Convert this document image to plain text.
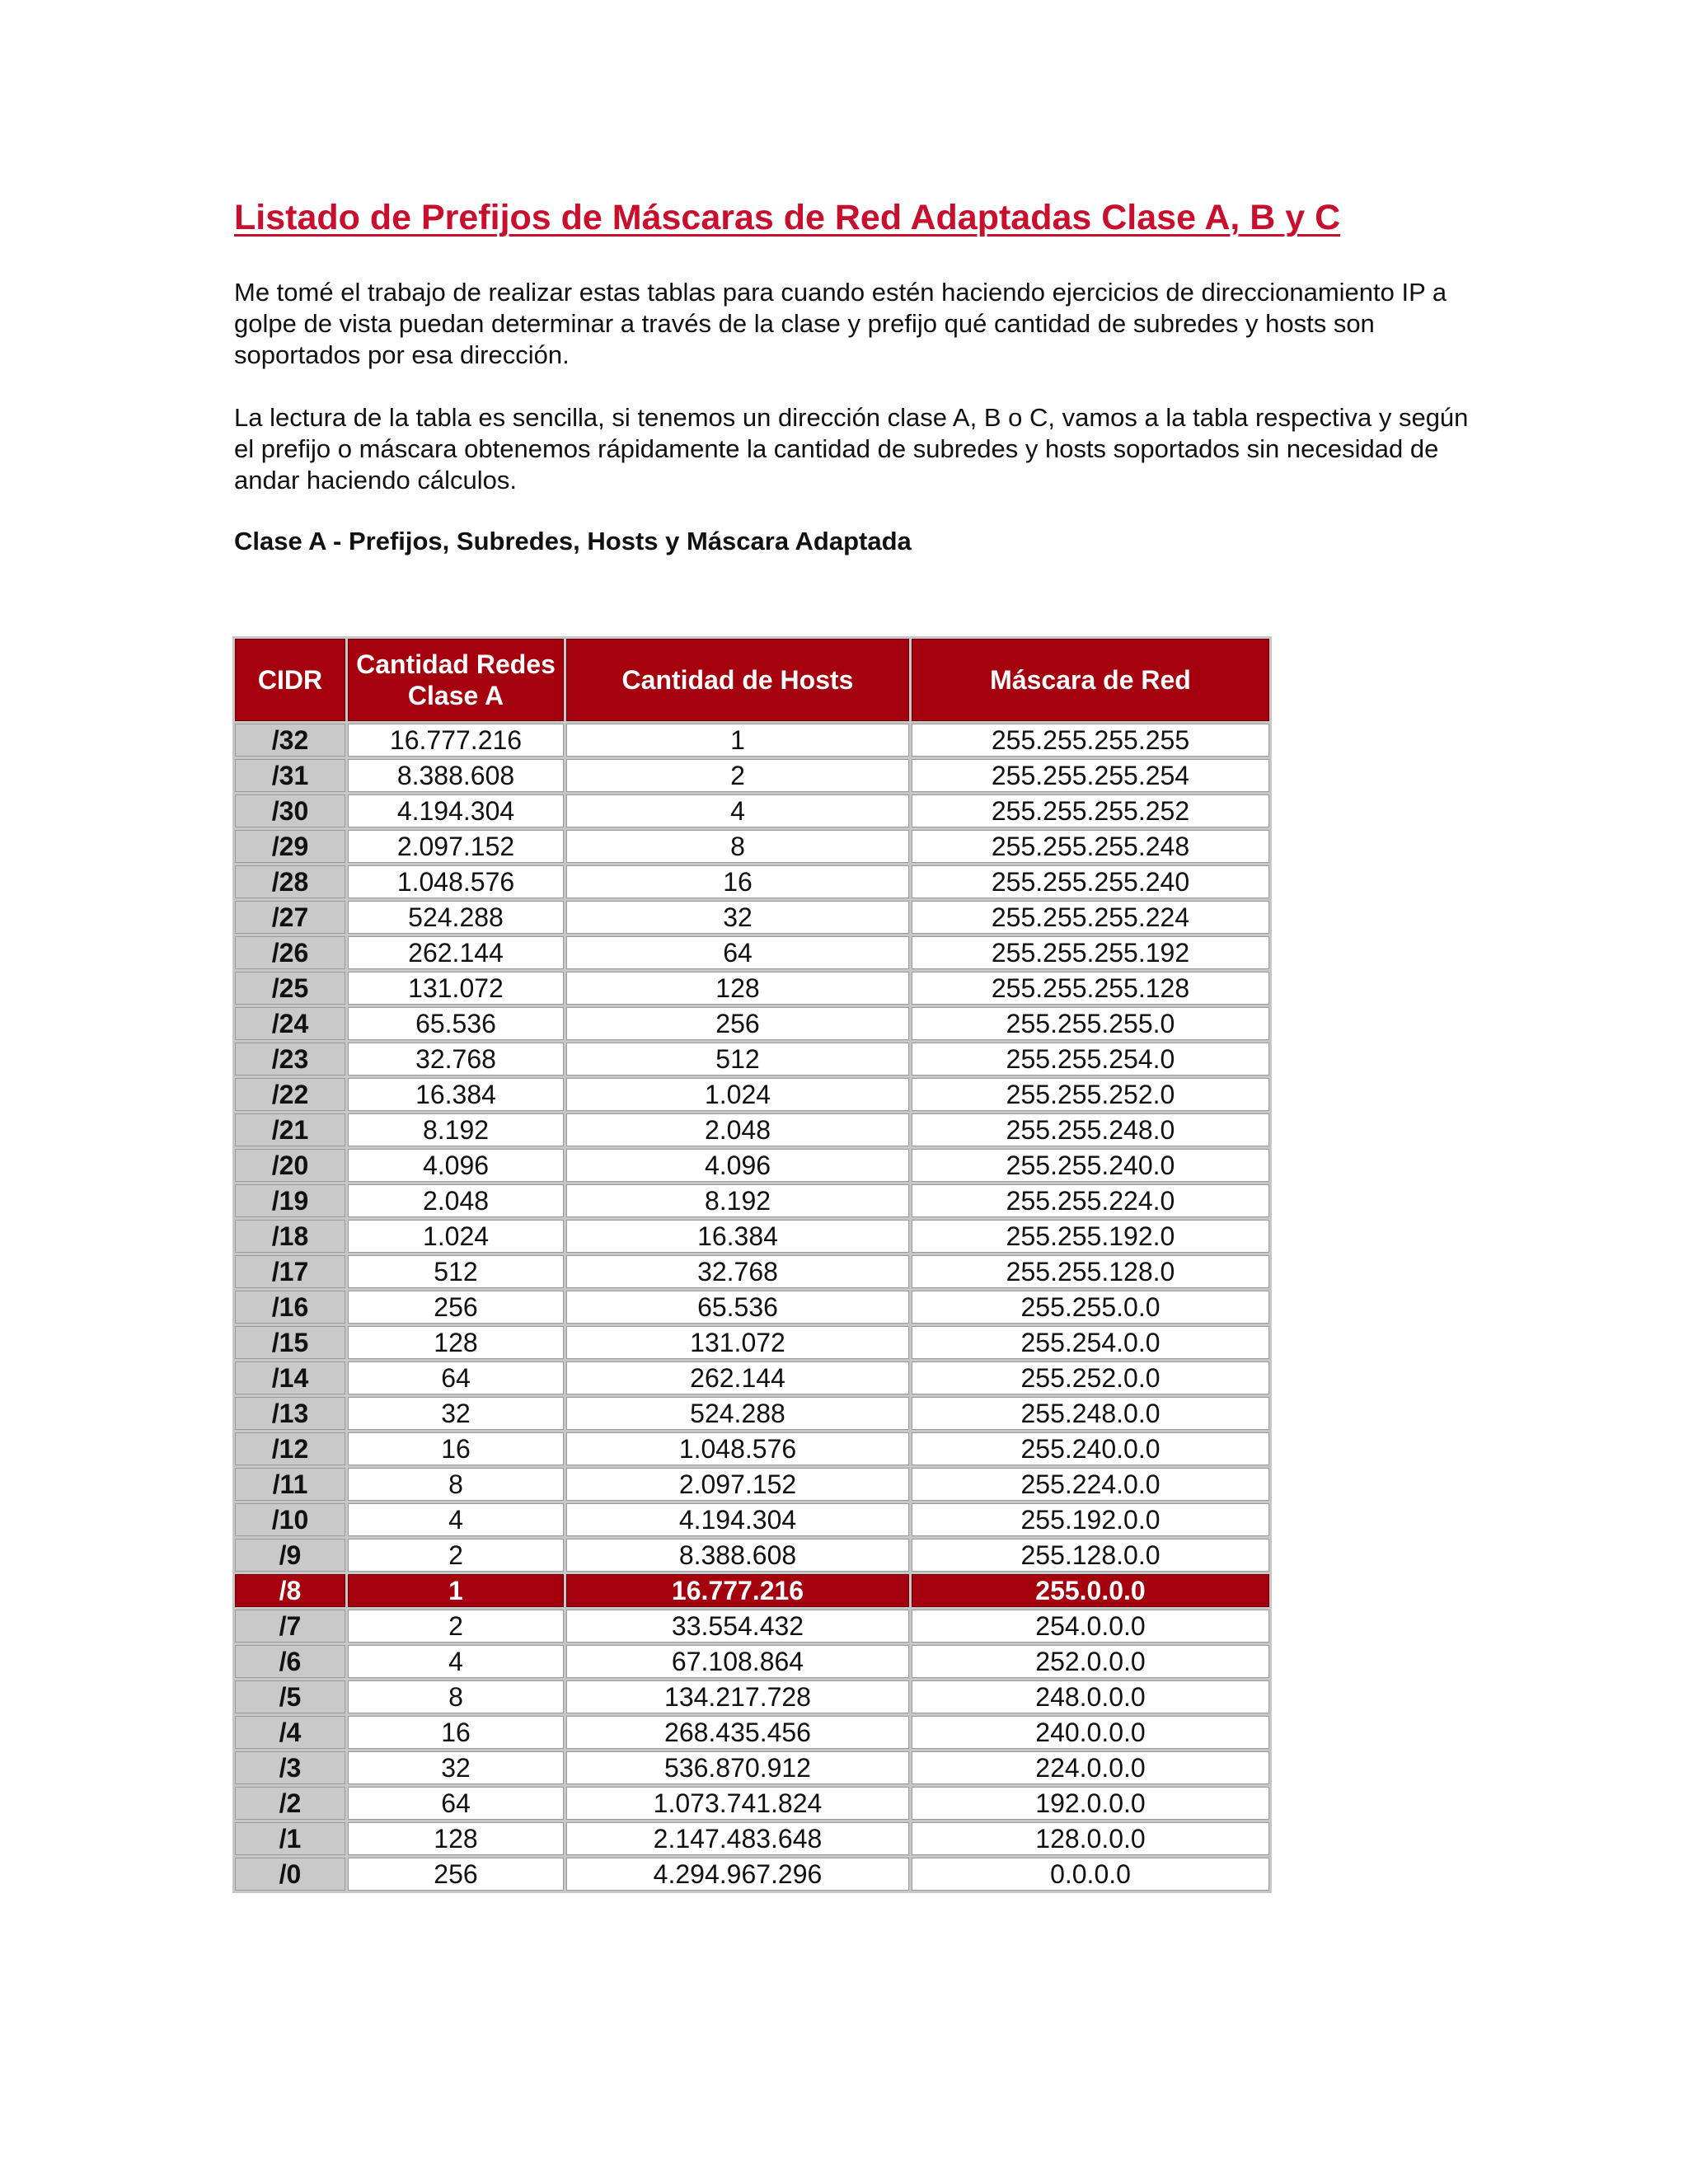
Listado de Prefijos de Máscaras de Red Adaptadas Clase A, B y C

Me tomé el trabajo de realizar estas tablas para cuando estén haciendo ejercicios de direccionamiento IP a golpe de vista puedan determinar a través de la clase y prefijo qué cantidad de subredes y hosts son soportados por esa dirección.

La lectura de la tabla es sencilla, si tenemos un dirección clase A, B o C, vamos a la tabla respectiva y según el prefijo o máscara obtenemos rápidamente la cantidad de subredes y hosts soportados sin necesidad de andar haciendo cálculos.

Clase A - Prefijos, Subredes, Hosts y Máscara Adaptada
CIDR	Cantidad Redes Clase A	Cantidad de Hosts	Máscara de Red
/32	16.777.216	1	255.255.255.255
/31	8.388.608	2	255.255.255.254
/30	4.194.304	4	255.255.255.252
/29	2.097.152	8	255.255.255.248
/28	1.048.576	16	255.255.255.240
/27	524.288	32	255.255.255.224
/26	262.144	64	255.255.255.192
/25	131.072	128	255.255.255.128
/24	65.536	256	255.255.255.0
/23	32.768	512	255.255.254.0
/22	16.384	1.024	255.255.252.0
/21	8.192	2.048	255.255.248.0
/20	4.096	4.096	255.255.240.0
/19	2.048	8.192	255.255.224.0
/18	1.024	16.384	255.255.192.0
/17	512	32.768	255.255.128.0
/16	256	65.536	255.255.0.0
/15	128	131.072	255.254.0.0
/14	64	262.144	255.252.0.0
/13	32	524.288	255.248.0.0
/12	16	1.048.576	255.240.0.0
/11	8	2.097.152	255.224.0.0
/10	4	4.194.304	255.192.0.0
/9	2	8.388.608	255.128.0.0
/8	1	16.777.216	255.0.0.0
/7	2	33.554.432	254.0.0.0
/6	4	67.108.864	252.0.0.0
/5	8	134.217.728	248.0.0.0
/4	16	268.435.456	240.0.0.0
/3	32	536.870.912	224.0.0.0
/2	64	1.073.741.824	192.0.0.0
/1	128	2.147.483.648	128.0.0.0
/0	256	4.294.967.296	0.0.0.0
